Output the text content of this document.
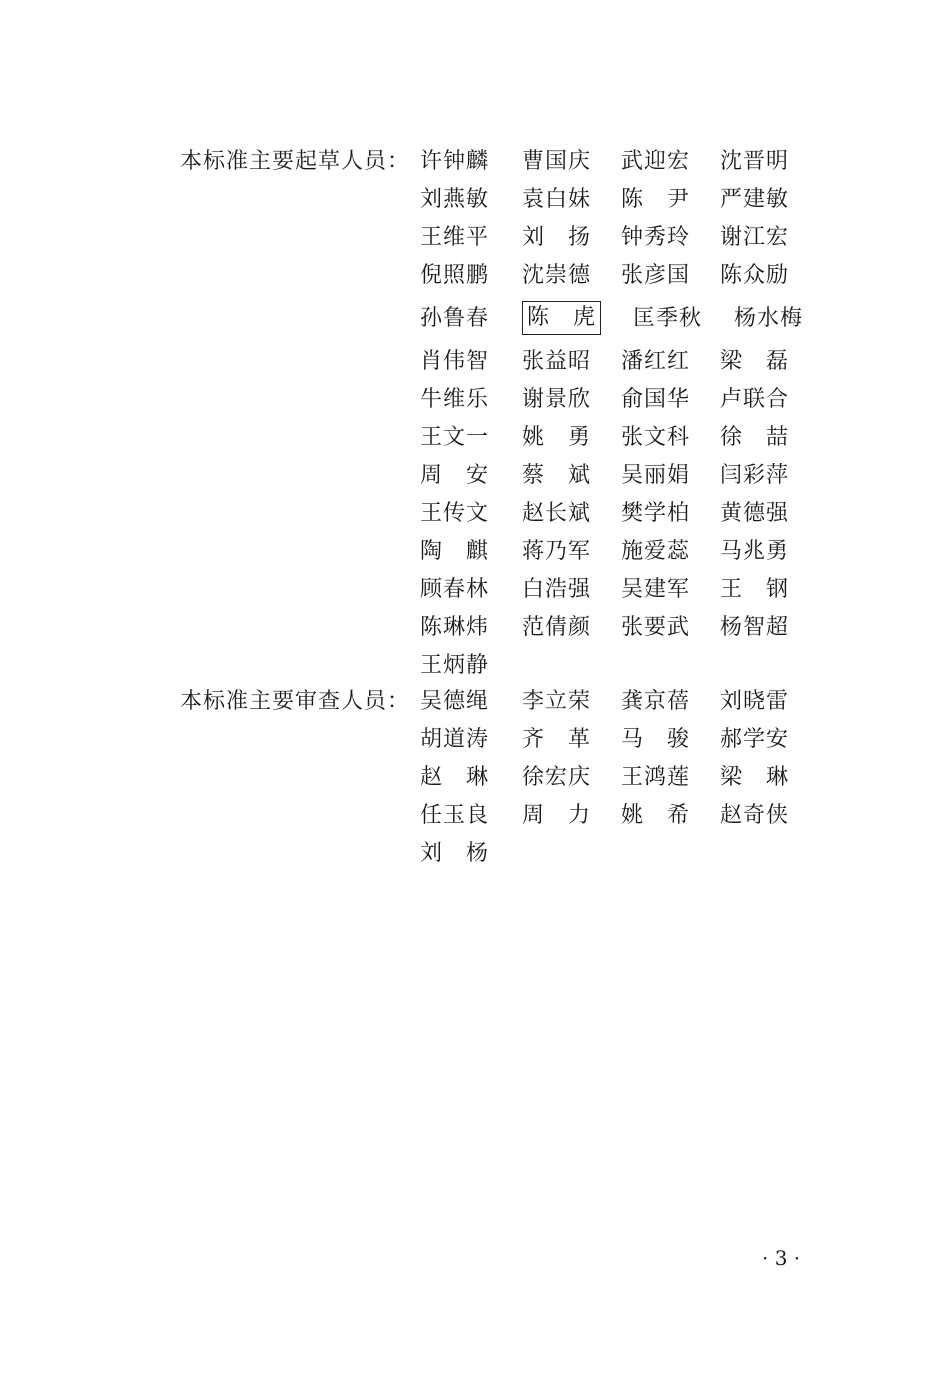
本标准主要起草人员： 许钟麟 曹国庆 武迎宏 沈晋明
刘燕敏 袁白妹 陈　尹 严建敏
王维平 刘　扬 钟秀玲 谢江宏
倪照鹏 沈崇德 张彦国 陈众励
孙鲁春 陈　虎 匡季秋 杨水梅
肖伟智 张益昭 潘红红 梁　磊
牛维乐 谢景欣 俞国华 卢联合
王文一 姚　勇 张文科 徐　喆
周　安 蔡　斌 吴丽娟 闫彩萍
王传文 赵长斌 樊学柏 黄德强
陶　麒 蒋乃军 施爱蕊 马兆勇
顾春林 白浩强 吴建军 王　钢
陈琳炜 范倩颜 张要武 杨智超
王炳静
本标准主要审查人员： 吴德绳 李立荣 龚京蓓 刘晓雷
胡道涛 齐　革 马　骏 郝学安
赵　琳 徐宏庆 王鸿莲 梁　琳
任玉良 周　力 姚　希 赵奇侠
刘　杨
· 3 ·
